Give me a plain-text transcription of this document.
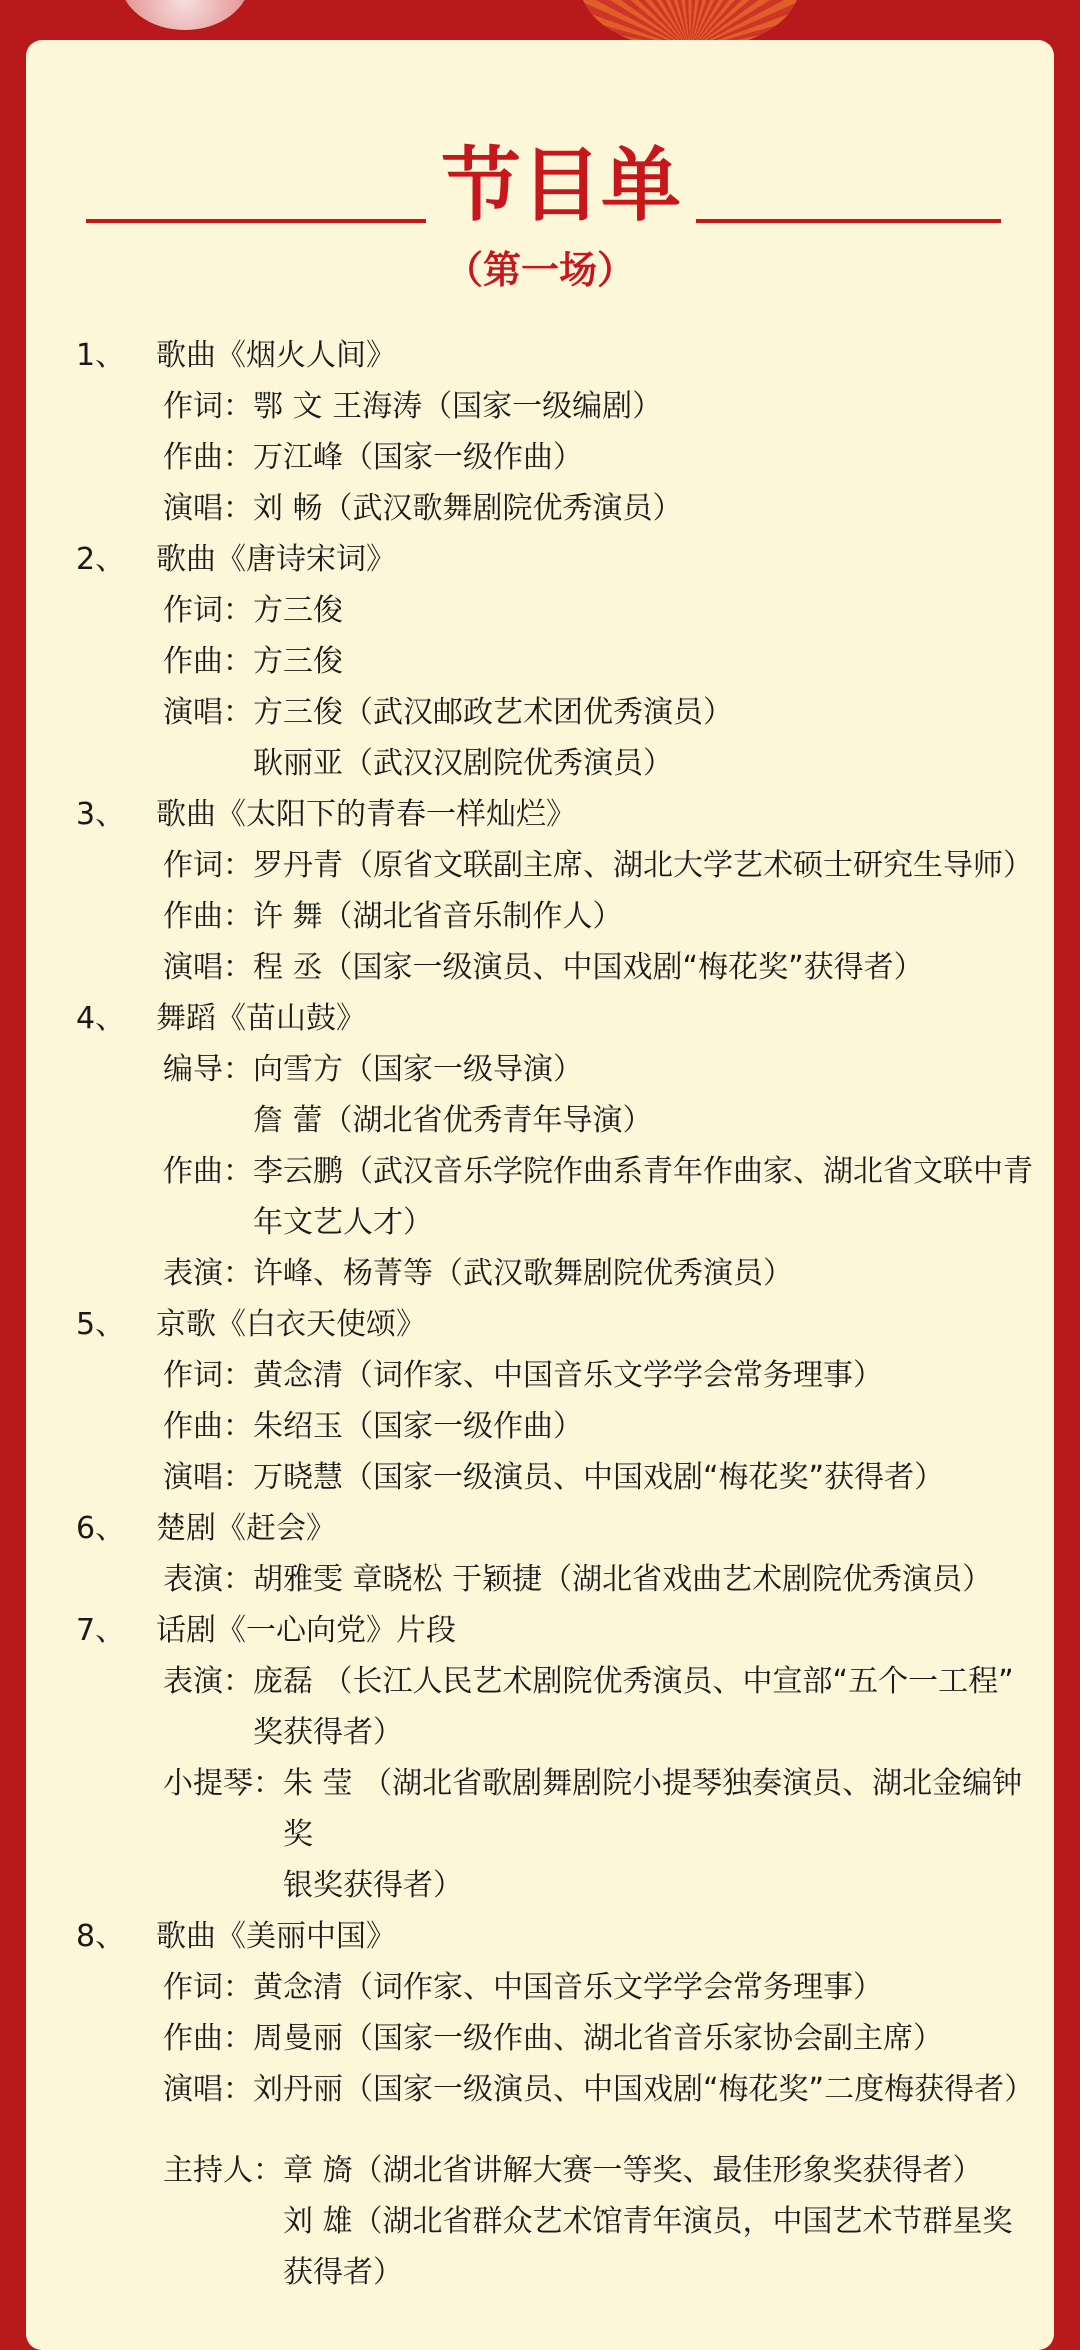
节目单
（第一场）
1、	歌曲《烟火人间》
作词： 鄂 文 王海涛（国家一级编剧）
作曲： 万江峰（国家一级作曲）
演唱： 刘 畅（武汉歌舞剧院优秀演员）
2、	歌曲《唐诗宋词》
作词： 方三俊
作曲： 方三俊
演唱： 方三俊（武汉邮政艺术团优秀演员）
耿丽亚（武汉汉剧院优秀演员）
3、	歌曲《太阳下的青春一样灿烂》
作词： 罗丹青（原省文联副主席、湖北大学艺术硕士研究生导师）
作曲： 许 舞（湖北省音乐制作人）
演唱： 程 丞（国家一级演员、中国戏剧“梅花奖”获得者）
4、	舞蹈《苗山鼓》
编导： 向雪方（国家一级导演）
詹 蕾（湖北省优秀青年导演）
作曲： 李云鹏（武汉音乐学院作曲系青年作曲家、湖北省文联中青
年文艺人才）
表演： 许峰、杨菁等（武汉歌舞剧院优秀演员）
5、	京歌《白衣天使颂》
作词： 黄念清（词作家、中国音乐文学学会常务理事）
作曲： 朱绍玉（国家一级作曲）
演唱： 万晓慧（国家一级演员、中国戏剧“梅花奖”获得者）
6、	楚剧《赶会》
表演： 胡雅雯 章晓松 于颖捷（湖北省戏曲艺术剧院优秀演员）
7、	话剧《一心向党》片段
表演： 庞磊 （长江人民艺术剧院优秀演员、中宣部“五个一工程”
奖获得者）
小提琴： 朱 莹 （湖北省歌剧舞剧院小提琴独奏演员、湖北金编钟奖
银奖获得者）
8、	歌曲《美丽中国》
作词： 黄念清（词作家、中国音乐文学学会常务理事）
作曲： 周曼丽（国家一级作曲、湖北省音乐家协会副主席）
演唱： 刘丹丽（国家一级演员、中国戏剧“梅花奖”二度梅获得者）
主持人： 章 旖（湖北省讲解大赛一等奖、最佳形象奖获得者）
刘 雄（湖北省群众艺术馆青年演员，中国艺术节群星奖
获得者）
